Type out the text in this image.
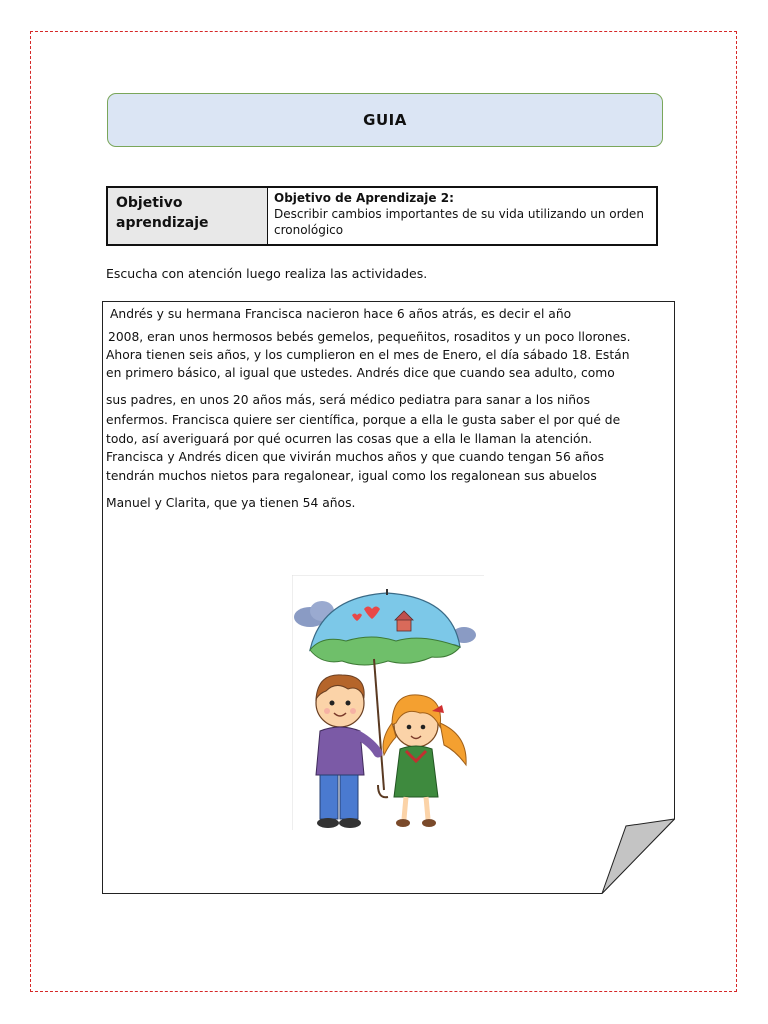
GUIA
Objetivo
aprendizaje
Objetivo de Aprendizaje 2:
Describir cambios importantes de su vida utilizando un orden
cronológico
Escucha con atención luego realiza las actividades.
Andrés y su hermana Francisca nacieron hace 6 años atrás, es decir el año
2008, eran unos hermosos bebés gemelos, pequeñitos, rosaditos y un poco llorones.
Ahora tienen seis años, y los cumplieron en el mes de Enero, el día sábado 18. Están
en primero básico, al igual que ustedes. Andrés dice que cuando sea adulto, como
sus padres, en unos 20 años más, será médico pediatra para sanar a los niños
enfermos. Francisca quiere ser científica, porque a ella le gusta saber el por qué de
todo, así averiguará por qué ocurren las cosas que a ella le llaman la atención.
Francisca y Andrés dicen que vivirán muchos años y que cuando tengan 56 años
tendrán muchos nietos para regalonear, igual como los regalonean sus abuelos
Manuel y Clarita, que ya tienen 54 años.
